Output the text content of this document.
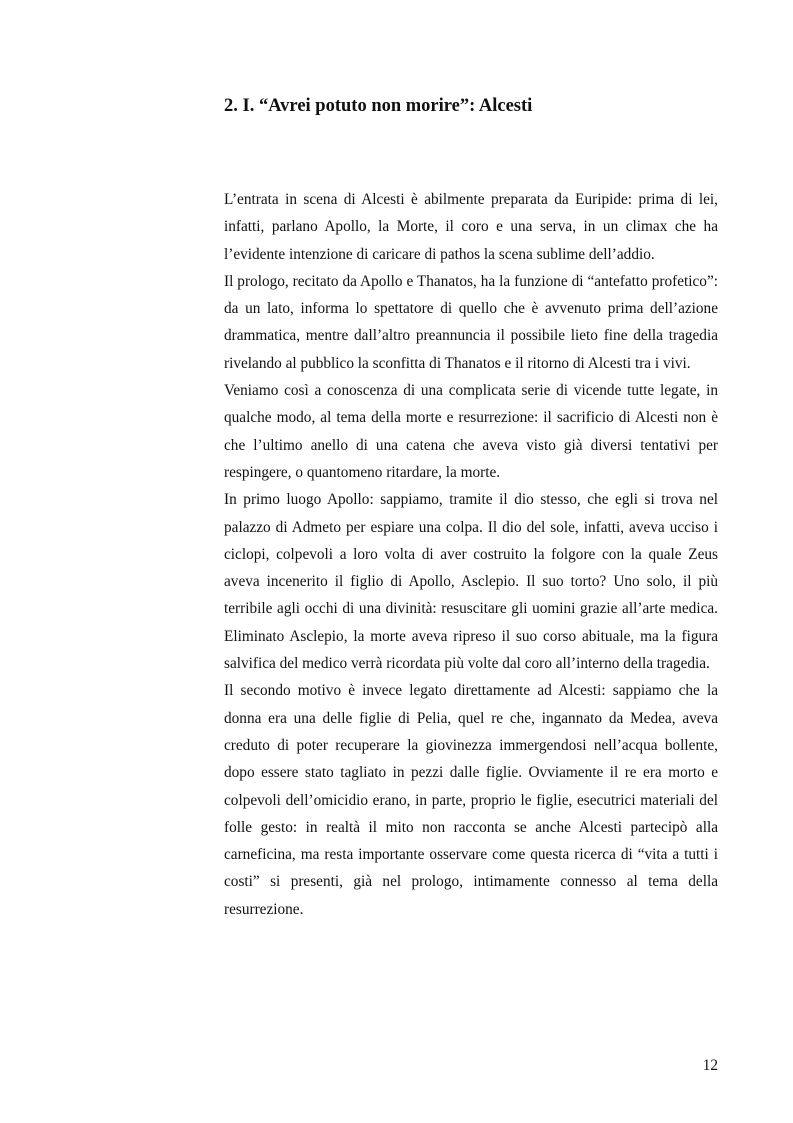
2. I. “Avrei potuto non morire”: Alcesti

L’entrata in scena di Alcesti è abilmente preparata da Euripide: prima di lei, infatti, parlano Apollo, la Morte, il coro e una serva, in un climax che ha l’evidente intenzione di caricare di pathos la scena sublime dell’addio.

Il prologo, recitato da Apollo e Thanatos, ha la funzione di “antefatto profetico”: da un lato, informa lo spettatore di quello che è avvenuto prima dell’azione drammatica, mentre dall’altro preannuncia il possibile lieto fine della tragedia rivelando al pubblico la sconfitta di Thanatos e il ritorno di Alcesti tra i vivi.

Veniamo così a conoscenza di una complicata serie di vicende tutte legate, in qualche modo, al tema della morte e resurrezione: il sacrificio di Alcesti non è che l’ultimo anello di una catena che aveva visto già diversi tentativi per respingere, o quantomeno ritardare, la morte.

In primo luogo Apollo: sappiamo, tramite il dio stesso, che egli si trova nel palazzo di Admeto per espiare una colpa. Il dio del sole, infatti, aveva ucciso i ciclopi, colpevoli a loro volta di aver costruito la folgore con la quale Zeus aveva incenerito il figlio di Apollo, Asclepio. Il suo torto? Uno solo, il più terribile agli occhi di una divinità: resuscitare gli uomini grazie all’arte medica. Eliminato Asclepio, la morte aveva ripreso il suo corso abituale, ma la figura salvifica del medico verrà ricordata più volte dal coro all’interno della tragedia.

Il secondo motivo è invece legato direttamente ad Alcesti: sappiamo che la donna era una delle figlie di Pelia, quel re che, ingannato da Medea, aveva creduto di poter recuperare la giovinezza immergendosi nell’acqua bollente, dopo essere stato tagliato in pezzi dalle figlie. Ovviamente il re era morto e colpevoli dell’omicidio erano, in parte, proprio le figlie, esecutrici materiali del folle gesto: in realtà il mito non racconta se anche Alcesti partecipò alla carneficina, ma resta importante osservare come questa ricerca di “vita a tutti i costi” si presenti, già nel prologo, intimamente connesso al tema della resurrezione.

12
